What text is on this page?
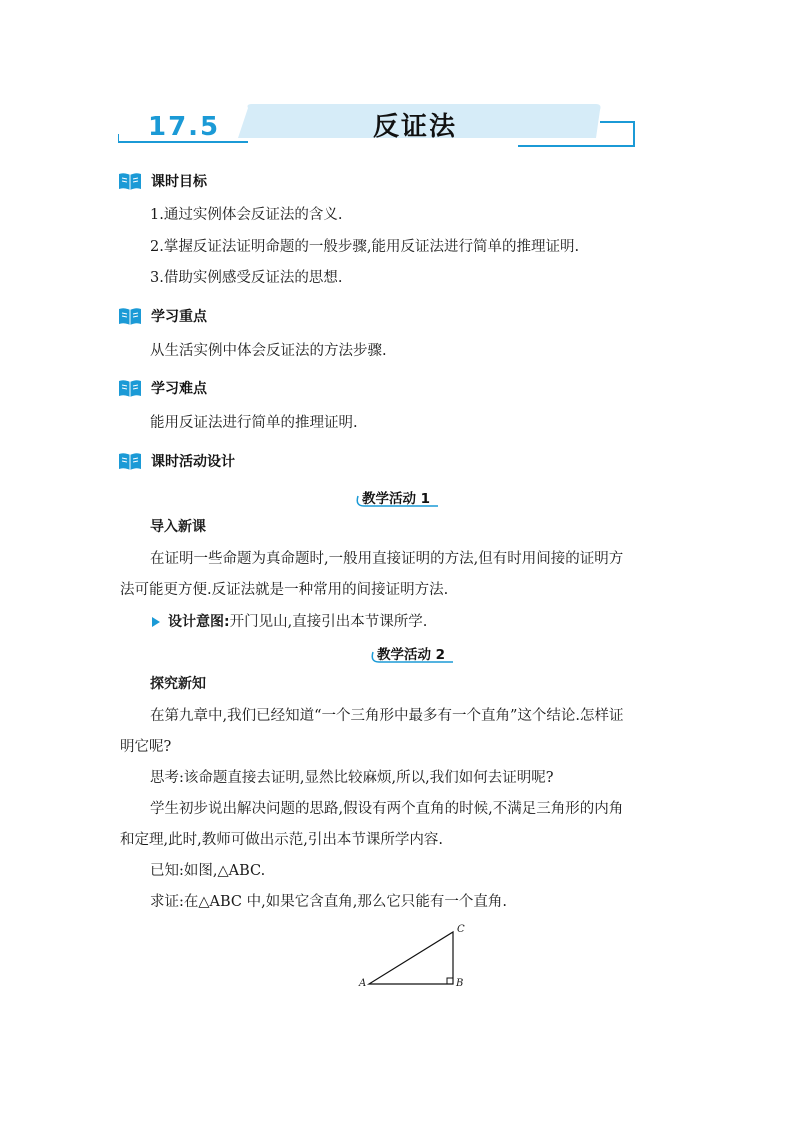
17.5	反证法
课时目标
1.通过实例体会反证法的含义.
2.掌握反证法证明命题的一般步骤,能用反证法进行简单的推理证明.
3.借助实例感受反证法的思想.
学习重点
从生活实例中体会反证法的方法步骤.
学习难点
能用反证法进行简单的推理证明.
课时活动设计
教学活动 1
导入新课
在证明一些命题为真命题时,一般用直接证明的方法,但有时用间接的证明方
法可能更方便.反证法就是一种常用的间接证明方法.
设计意图:开门见山,直接引出本节课所学.
教学活动 2
探究新知
在第九章中,我们已经知道“一个三角形中最多有一个直角”这个结论.怎样证
明它呢?
思考:该命题直接去证明,显然比较麻烦,所以,我们如何去证明呢?
学生初步说出解决问题的思路,假设有两个直角的时候,不满足三角形的内角
和定理,此时,教师可做出示范,引出本节课所学内容.
已知:如图,△ABC.
求证:在△ABC 中,如果它含直角,那么它只能有一个直角.
A	B
C
